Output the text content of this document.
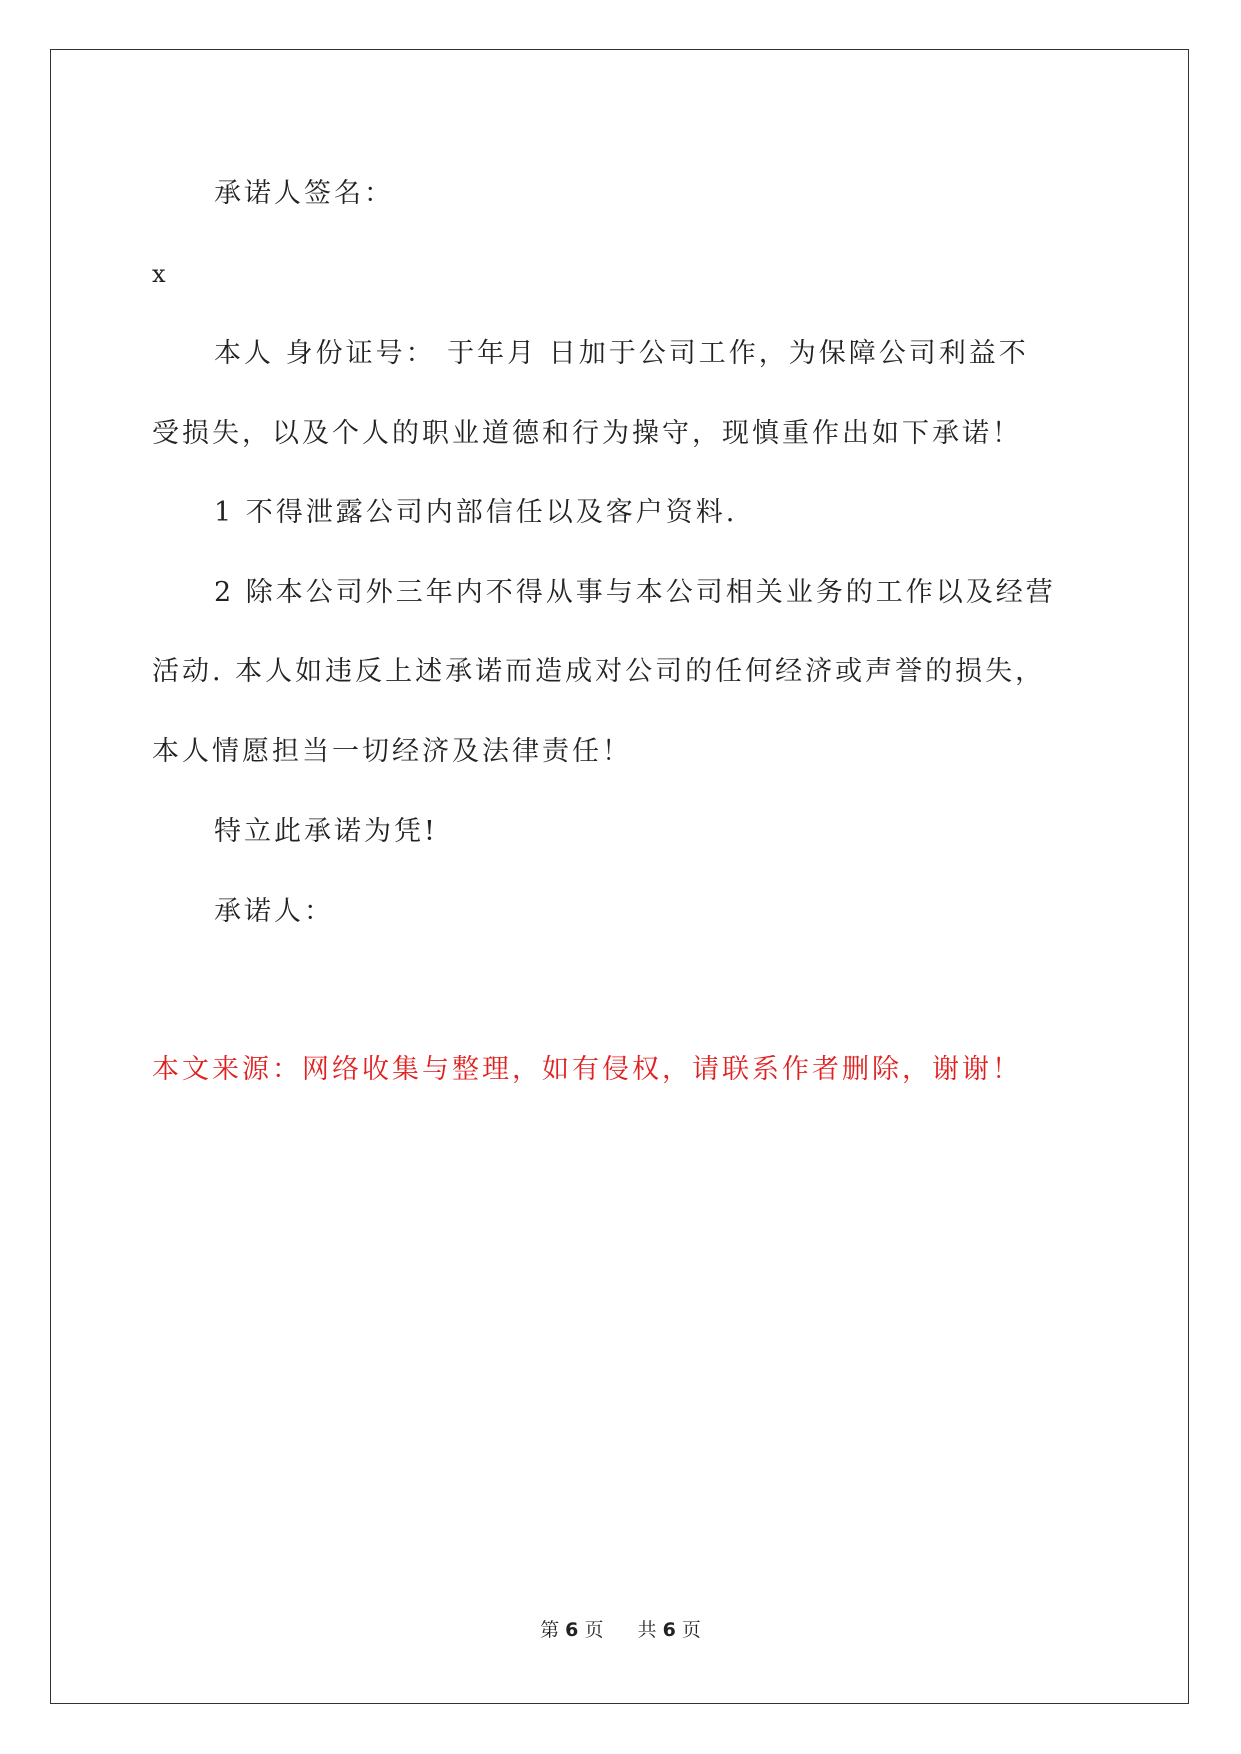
承诺人签名：
x
本人 身份证号： 于年月 日加于公司工作，为保障公司利益不
受损失，以及个人的职业道德和行为操守，现慎重作出如下承诺！
1 不得泄露公司内部信任以及客户资料.
2 除本公司外三年内不得从事与本公司相关业务的工作以及经营
活动. 本人如违反上述承诺而造成对公司的任何经济或声誉的损失，
本人情愿担当一切经济及法律责任！
特立此承诺为凭!
承诺人：
本文来源：网络收集与整理，如有侵权，请联系作者删除，谢谢！
第 6 页 共 6 页
